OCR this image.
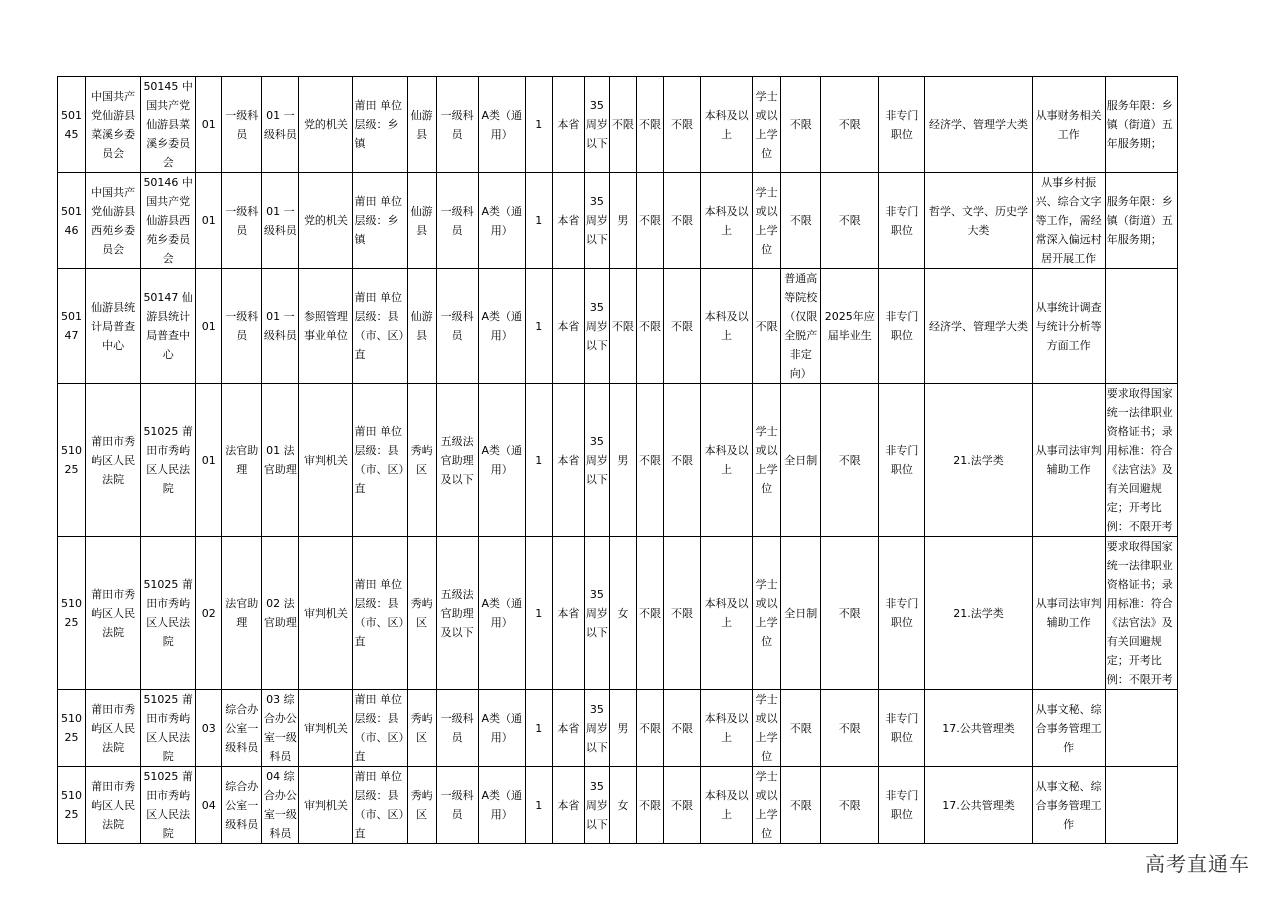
50145	中国共产党仙游县菜溪乡委员会	50145 中国共产党仙游县菜溪乡委员会	01	一级科员	01 一级科员	党的机关	莆田 单位层级：乡镇	仙游县	一级科员	A类（通用）	1	本省	35周岁以下	不限	不限	不限	本科及以上	学士或以上学位	不限	不限	非专门职位	经济学、管理学大类	从事财务相关工作	服务年限：乡镇（街道）五年服务期；
50146	中国共产党仙游县西苑乡委员会	50146 中国共产党仙游县西苑乡委员会	01	一级科员	01 一级科员	党的机关	莆田 单位层级：乡镇	仙游县	一级科员	A类（通用）	1	本省	35周岁以下	男	不限	不限	本科及以上	学士或以上学位	不限	不限	非专门职位	哲学、文学、历史学大类	从事乡村振兴、综合文字等工作，需经常深入偏远村居开展工作	服务年限：乡镇（街道）五年服务期；
50147	仙游县统计局普查中心	50147 仙游县统计局普查中心	01	一级科员	01 一级科员	参照管理事业单位	莆田 单位层级：县（市、区）直	仙游县	一级科员	A类（通用）	1	本省	35周岁以下	不限	不限	不限	本科及以上	不限	普通高等院校（仅限全脱产非定向）	2025年应届毕业生	非专门职位	经济学、管理学大类	从事统计调查与统计分析等方面工作	
51025	莆田市秀屿区人民法院	51025 莆田市秀屿区人民法院	01	法官助理	01 法官助理	审判机关	莆田 单位层级：县（市、区）直	秀屿区	五级法官助理及以下	A类（通用）	1	本省	35周岁以下	男	不限	不限	本科及以上	学士或以上学位	全日制	不限	非专门职位	21.法学类	从事司法审判辅助工作	要求取得国家统一法律职业资格证书；录用标准：符合《法官法》及有关回避规定；开考比例：不限开考
51025	莆田市秀屿区人民法院	51025 莆田市秀屿区人民法院	02	法官助理	02 法官助理	审判机关	莆田 单位层级：县（市、区）直	秀屿区	五级法官助理及以下	A类（通用）	1	本省	35周岁以下	女	不限	不限	本科及以上	学士或以上学位	全日制	不限	非专门职位	21.法学类	从事司法审判辅助工作	要求取得国家统一法律职业资格证书；录用标准：符合《法官法》及有关回避规定；开考比例：不限开考
51025	莆田市秀屿区人民法院	51025 莆田市秀屿区人民法院	03	综合办公室一级科员	03 综合办公室一级科员	审判机关	莆田 单位层级：县（市、区）直	秀屿区	一级科员	A类（通用）	1	本省	35周岁以下	男	不限	不限	本科及以上	学士或以上学位	不限	不限	非专门职位	17.公共管理类	从事文秘、综合事务管理工作	
51025	莆田市秀屿区人民法院	51025 莆田市秀屿区人民法院	04	综合办公室一级科员	04 综合办公室一级科员	审判机关	莆田 单位层级：县（市、区）直	秀屿区	一级科员	A类（通用）	1	本省	35周岁以下	女	不限	不限	本科及以上	学士或以上学位	不限	不限	非专门职位	17.公共管理类	从事文秘、综合事务管理工作	
高考直通车
